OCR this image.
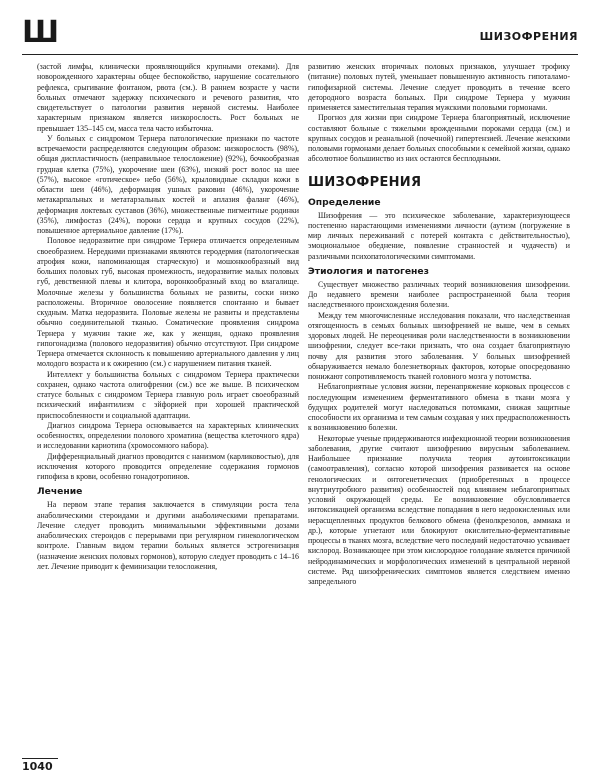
Ш	ШИЗОФРЕНИЯ

(застой лимфы, клинически проявляющийся крупными отеками). Для новорожденного характерны общее беспокойство, нарушение сосательного рефлекса, срыгивание фонтаном, рвота (см.). В раннем возрасте у части больных отмечают задержку психического и речевого развития, что свидетельствует о патологии развития нервной системы. Наиболее характерным признаком является низкорослость. Рост больных не превышает 135–145 см, масса тела часто избыточна.

У больных с синдромом Тернера патологические признаки по частоте встречаемости распределяются следующим образом: низкорослость (98%), общая диспластичность (неправильное телосложение) (92%), бочкообразная грудная клетка (75%), укорочение шеи (63%), низкий рост волос на шее (57%), высокое «готическое» небо (56%), крыловидные складки кожи в области шеи (46%), деформация ушных раковин (46%), укорочение метакарпальных и метатарзальных костей и аплазия фаланг (46%), деформация локтевых суставов (36%), множественные пигментные родинки (35%), лимфостаз (24%), пороки сердца и крупных сосудов (22%), повышенное артериальное давление (17%).

Половое недоразвитие при синдроме Тернера отличается определенным своеобразием. Нередкими признаками являются геродермия (патологическая атрофия кожи, напоминающая старческую) и мошонкообразный вид больших половых губ, высокая промежность, недоразвитие малых половых губ, девственной плевы и клитора, воронкообразный вход во влагалище. Молочные железы у большинства больных не развиты, соски низко расположены. Вторичное оволосение появляется спонтанно и бывает скудным. Матка недоразвита. Половые железы не развиты и представлены обычно соединительной тканью. Соматические проявления синдрома Тернера у мужчин такие же, как у женщин, однако проявления гипогонадизма (полового недоразвития) обычно отсутствуют. При синдроме Тернера отмечается склонность к повышению артериального давления у лиц молодого возраста и к ожирению (см.) с нарушением питания тканей.

Интеллект у большинства больных с синдромом Тернера практически сохранен, однако частота олигофрении (см.) все же выше. В психическом статусе больных с синдромом Тернера главную роль играет своеобразный психический инфантилизм с эйфорией при хорошей практической приспособленности и социальной адаптации.

Диагноз синдрома Тернера основывается на характерных клинических особенностях, определении полового хроматина (вещества клеточного ядра) и исследовании кариотипа (хромосомного набора).

Дифференциальный диагноз проводится с нанизмом (карликовостью), для исключения которого проводится определение содержания гормонов гипофиза в крови, особенно гонадотропинов.

Лечение

На первом этапе терапия заключается в стимуляции роста тела анаболическими стероидами и другими анаболическими препаратами. Лечение следует проводить минимальными эффективными дозами анаболических стероидов с перерывами при регулярном гинекологическом контроле. Главным видом терапии больных является эстрогенизация (назначение женских половых гормонов), которую следует проводить с 14–16 лет. Лечение приводит к феминизации телосложения,

развитию женских вторичных половых признаков, улучшает трофику (питание) половых путей, уменьшает повышенную активность гипоталамо-гипофизарной системы. Лечение следует проводить в течение всего детородного возраста больных. При синдроме Тернера у мужчин применяется заместительная терапия мужскими половыми гормонами.

Прогноз для жизни при синдроме Тернера благоприятный, исключение составляют больные с тяжелыми врожденными пороками сердца (см.) и крупных сосудов и реанальной (почечной) гипертензией. Лечение женскими половыми гормонами делает больных способными к семейной жизни, однако абсолютное большинство из них остаются бесплодными.

ШИЗОФРЕНИЯ
Определение

Шизофрения — это психическое заболевание, характеризующееся постепенно нарастающими изменениями личности (аутизм (погружение в мир личных переживаний с потерей контакта с действительностью), эмоциональное обеднение, появление странностей и чудачеств) и различными психопатологическими симптомами.

Этиология и патогенез

Существует множество различных теорий возникновения шизофрении. До недавнего времени наиболее распространенной была теория наследственного происхождения болезни.

Между тем многочисленные исследования показали, что наследственная отягощенность в семьях больных шизофренией не выше, чем в семьях здоровых людей. Не переоценивая роли наследственности в возникновении шизофрении, следует все-таки признать, что она создает благоприятную почву для развития этого заболевания. У больных шизофренией обнаруживается немало болезнетворных факторов, которые опосредованно понижают сопротивляемость тканей головного мозга у потомства.

Неблагоприятные условия жизни, перенапряжение корковых процессов с последующим изменением ферментативного обмена в ткани мозга у будущих родителей могут наследоваться потомками, снижая защитные способности их организма и тем самым создавая у них предрасположенность к возникновению болезни.

Некоторые ученые придерживаются инфекционной теории возникновения заболевания, другие считают шизофрению вирусным заболеванием. Наибольшее признание получила теория аутоинтоксикации (самоотравления), согласно которой шизофрения развивается на основе генологических и онтогенетических (приобретенных в процессе внутриутробного развития) особенностей под влиянием неблагоприятных условий окружающей среды. Ее возникновение обусловливается интоксикацией организма вследствие попадания в него недоокисленных или нерасщепленных продуктов белкового обмена (фенолкрезолов, аммиака и др.), которые угнетают или блокируют окислительно-ферментативные процессы в тканях мозга, вследствие чего последний недостаточно усваивает кислород. Возникающее при этом кислородное голодание является причиной нейродинамических и морфологических изменений в центральной нервной системе. Ряд шизофренических симптомов является следствием именно запредельного

1040
